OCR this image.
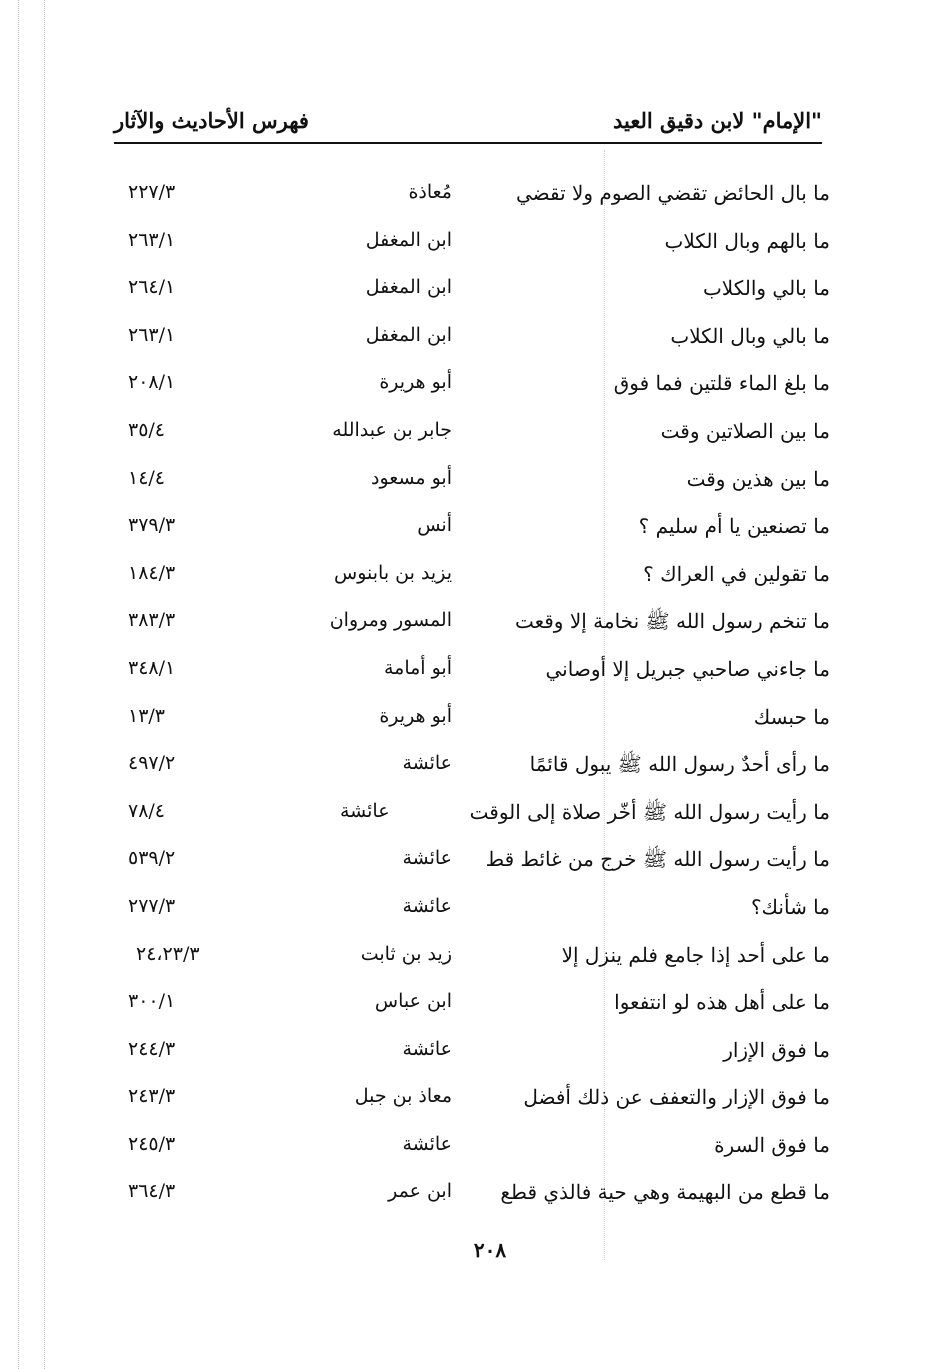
"الإمام" لابن دقيق العيد
فهرس الأحاديث والآثار
ما بال الحائض تقضي الصوم ولا تقضي
مُعاذة
٢٢٧/٣
ما بالهم وبال الكلاب
ابن المغفل
٢٦٣/١
ما بالي والكلاب
ابن المغفل
٢٦٤/١
ما بالي وبال الكلاب
ابن المغفل
٢٦٣/١
ما بلغ الماء قلتين فما فوق
أبو هريرة
٢٠٨/١
ما بين الصلاتين وقت
جابر بن عبدالله
٣٥/٤
ما بين هذين وقت
أبو مسعود
١٤/٤
ما تصنعين يا أم سليم ؟
أنس
٣٧٩/٣
ما تقولين في العراك ؟
يزيد بن بابنوس
١٨٤/٣
ما تنخم رسول الله ﷺ نخامة إلا وقعت
المسور ومروان
٣٨٣/٣
ما جاءني صاحبي جبريل إلا أوصاني
أبو أمامة
٣٤٨/١
ما حبسك
أبو هريرة
١٣/٣
ما رأى أحدٌ رسول الله ﷺ يبول قائمًا
عائشة
٤٩٧/٢
ما رأيت رسول الله ﷺ أخّر صلاة إلى الوقت
عائشة
٧٨/٤
ما رأيت رسول الله ﷺ خرج من غائط قط
عائشة
٥٣٩/٢
ما شأنك؟
عائشة
٢٧٧/٣
ما على أحد إذا جامع فلم ينزل إلا
زيد بن ثابت
٢٤،٢٣/٣
ما على أهل هذه لو انتفعوا
ابن عباس
٣٠٠/١
ما فوق الإزار
عائشة
٢٤٤/٣
ما فوق الإزار والتعفف عن ذلك أفضل
معاذ بن جبل
٢٤٣/٣
ما فوق السرة
عائشة
٢٤٥/٣
ما قطع من البهيمة وهي حية فالذي قطع
ابن عمر
٣٦٤/٣
٢٠٨
